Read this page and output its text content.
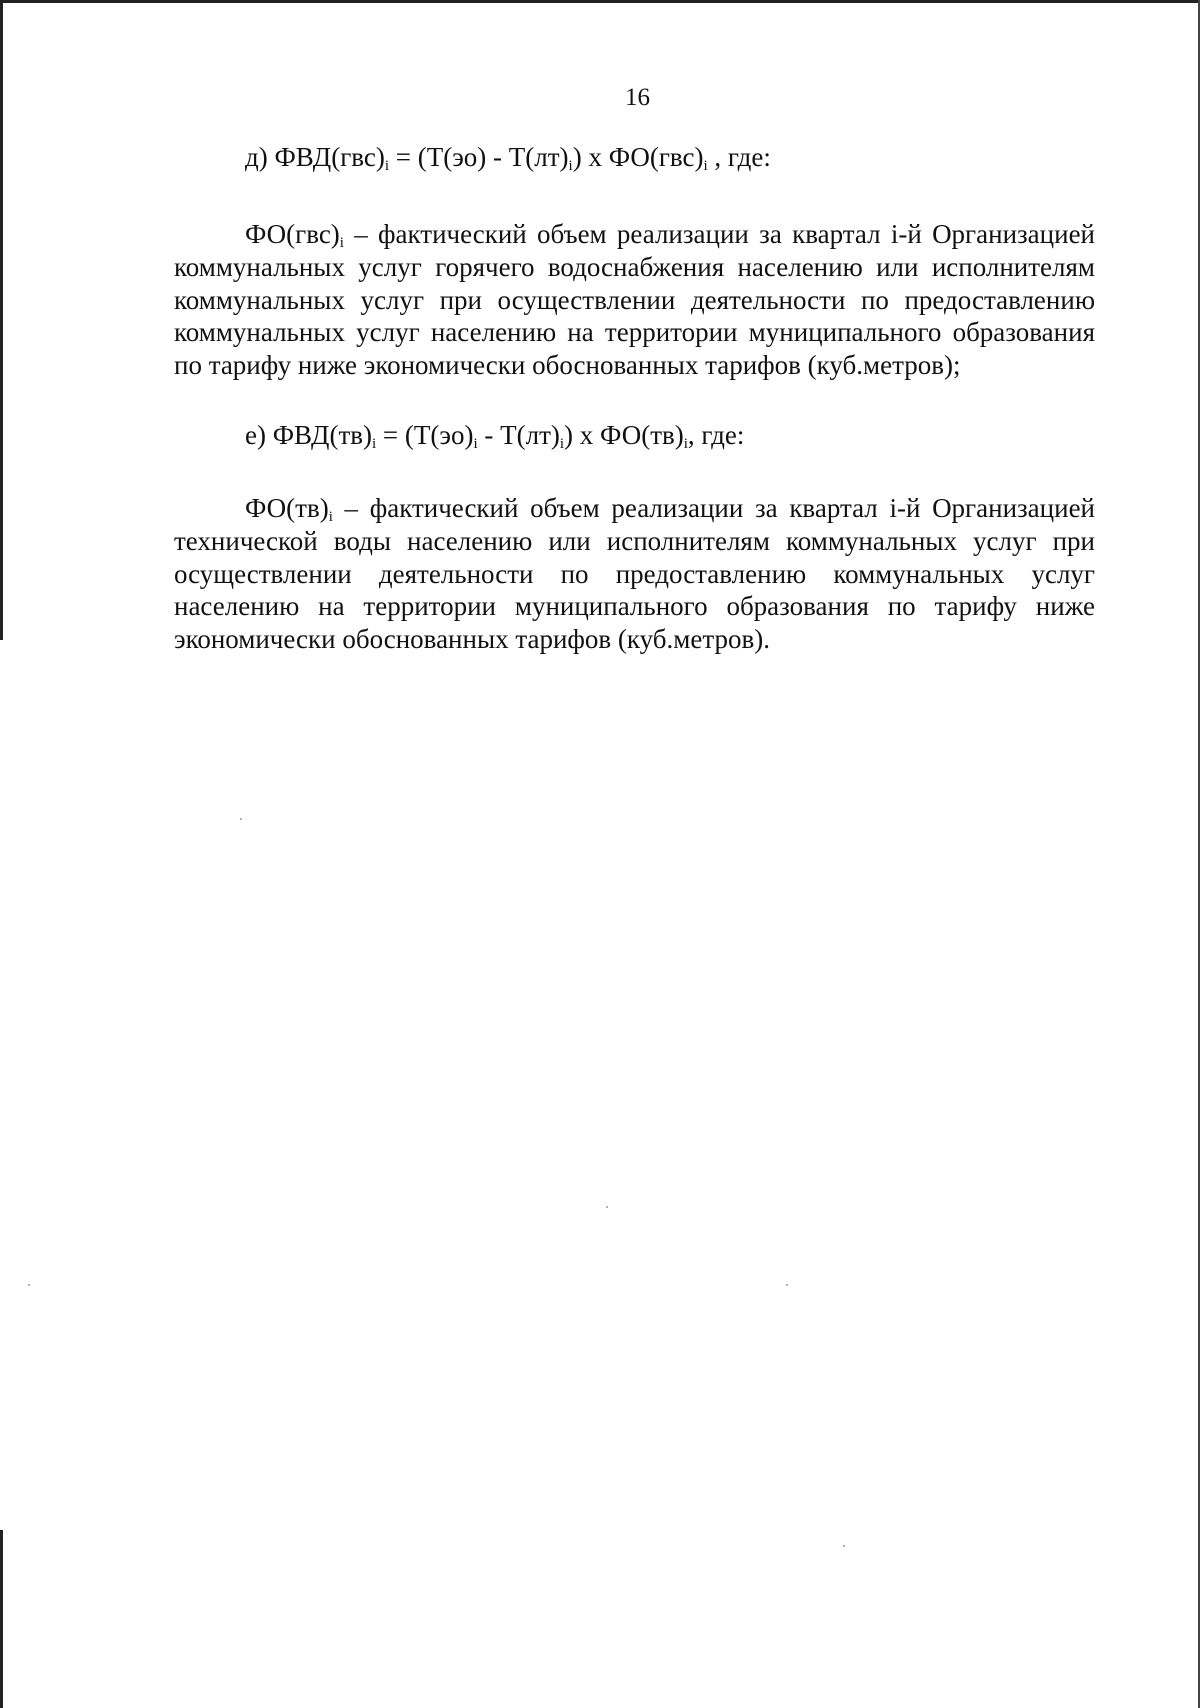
16

д) $ФВД(гвс)_i = (Т(эо) - Т(лт)_i)$ х $ФО(гвс)_i$ , где:

$ФО(гвс)_i$ – фактический объем реализации за квартал i-й Организацией коммунальных услуг горячего водоснабжения населению или исполнителям коммунальных услуг при осуществлении деятельности по предоставлению коммунальных услуг населению на территории муниципального образования по тарифу ниже экономически обоснованных тарифов (куб.метров);

е) $ФВД(тв)_i = (Т(эо)_i - Т(лт)_i)$ х $ФО(тв)_i$, где:

$ФО(тв)_i$ – фактический объем реализации за квартал i-й Организацией технической воды населению или исполнителям коммунальных услуг при осуществлении деятельности по предоставлению коммунальных услуг населению на территории муниципального образования по тарифу ниже экономически обоснованных тарифов (куб.метров).
